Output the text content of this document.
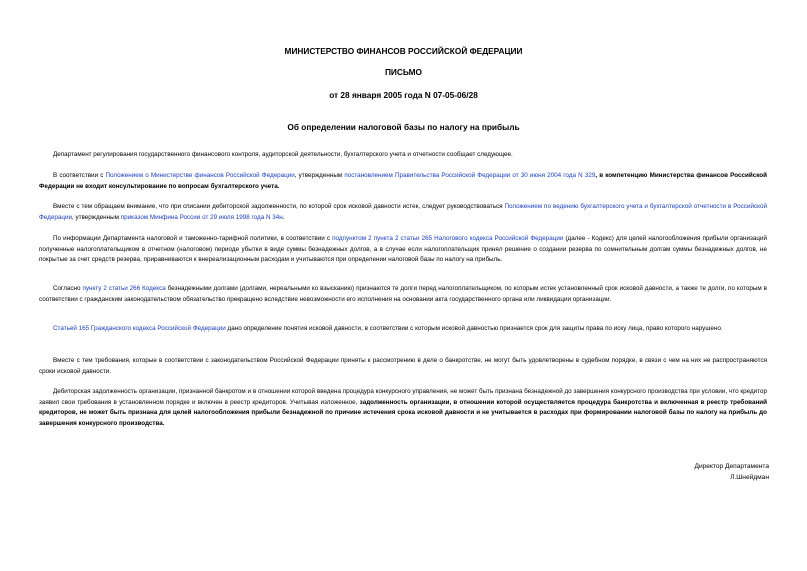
МИНИСТЕРСТВО ФИНАНСОВ РОССИЙСКОЙ ФЕДЕРАЦИИ
ПИСЬМО
от 28 января 2005 года N 07-05-06/28
Об определении налоговой базы по налогу на прибыль
Департамент регулирования государственного финансового контроля, аудиторской деятельности, бухгалтерского учета и отчетности сообщает следующее.
В соответствии с Положением о Министерстве финансов Российской Федерации, утвержденным постановлением Правительства Российской Федерации от 30 июня 2004 года N 329, в компетенцию Министерства финансов Российской Федерации не входит консультирование по вопросам бухгалтерского учета.
Вместе с тем обращаем внимание, что при списании дебиторской задолженности, по которой срок исковой давности истек, следует руководствоваться Положением по ведению бухгалтерского учета и бухгалтерской отчетности в Российской Федерации, утвержденным приказом Минфина России от 29 июля 1998 года N 34н.
По информации Департамента налоговой и таможенно-тарифной политики, в соответствии с подпунктом 2 пункта 2 статьи 265 Налогового кодекса Российской Федерации (далее - Кодекс) для целей налогообложения прибыли организаций полученные налогоплательщиком в отчетном (налоговом) периоде убытки в виде суммы безнадежных долгов, а в случае если налогоплательщик принял решение о создании резерва по сомнительным долгам суммы безнадежных долгов, не покрытые за счет средств резерва, приравниваются к внереализационным расходам и учитываются при определении налоговой базы по налогу на прибыль.
Согласно пункту 2 статьи 266 Кодекса безнадежными долгами (долгами, нереальными ко взысканию) признаются те долги перед налогоплательщиком, по которым истек установленный срок исковой давности, а также те долги, по которым в соответствии с гражданским законодательством обязательство прекращено вследствие невозможности его исполнения на основании акта государственного органа или ликвидации организации.
Статьей 165 Гражданского кодекса Российской Федерации дано определение понятия исковой давности, в соответствии с которым исковой давностью признается срок для защиты права по иску лица, право которого нарушено.
Вместе с тем требования, которые в соответствии с законодательством Российской Федерации приняты к рассмотрению в деле о банкротстве, не могут быть удовлетворены в судебном порядке, в связи с чем на них не распространяются сроки исковой давности.
Дебиторская задолженность организации, признанной банкротом и в отношении которой введена процедура конкурсного управления, не может быть признана безнадежной до завершения конкурсного производства при условии, что кредитор заявил свои требования в установленном порядке и включен в реестр кредиторов. Учитывая изложенное, задолженность организации, в отношении которой осуществляется процедура банкротства и включенная в реестр требований кредиторов, не может быть признана для целей налогообложения прибыли безнадежной по причине истечения срока исковой давности и не учитывается в расходах при формировании налоговой базы по налогу на прибыль до завершения конкурсного производства.
Директор Департамента
Л.Шнейдман
